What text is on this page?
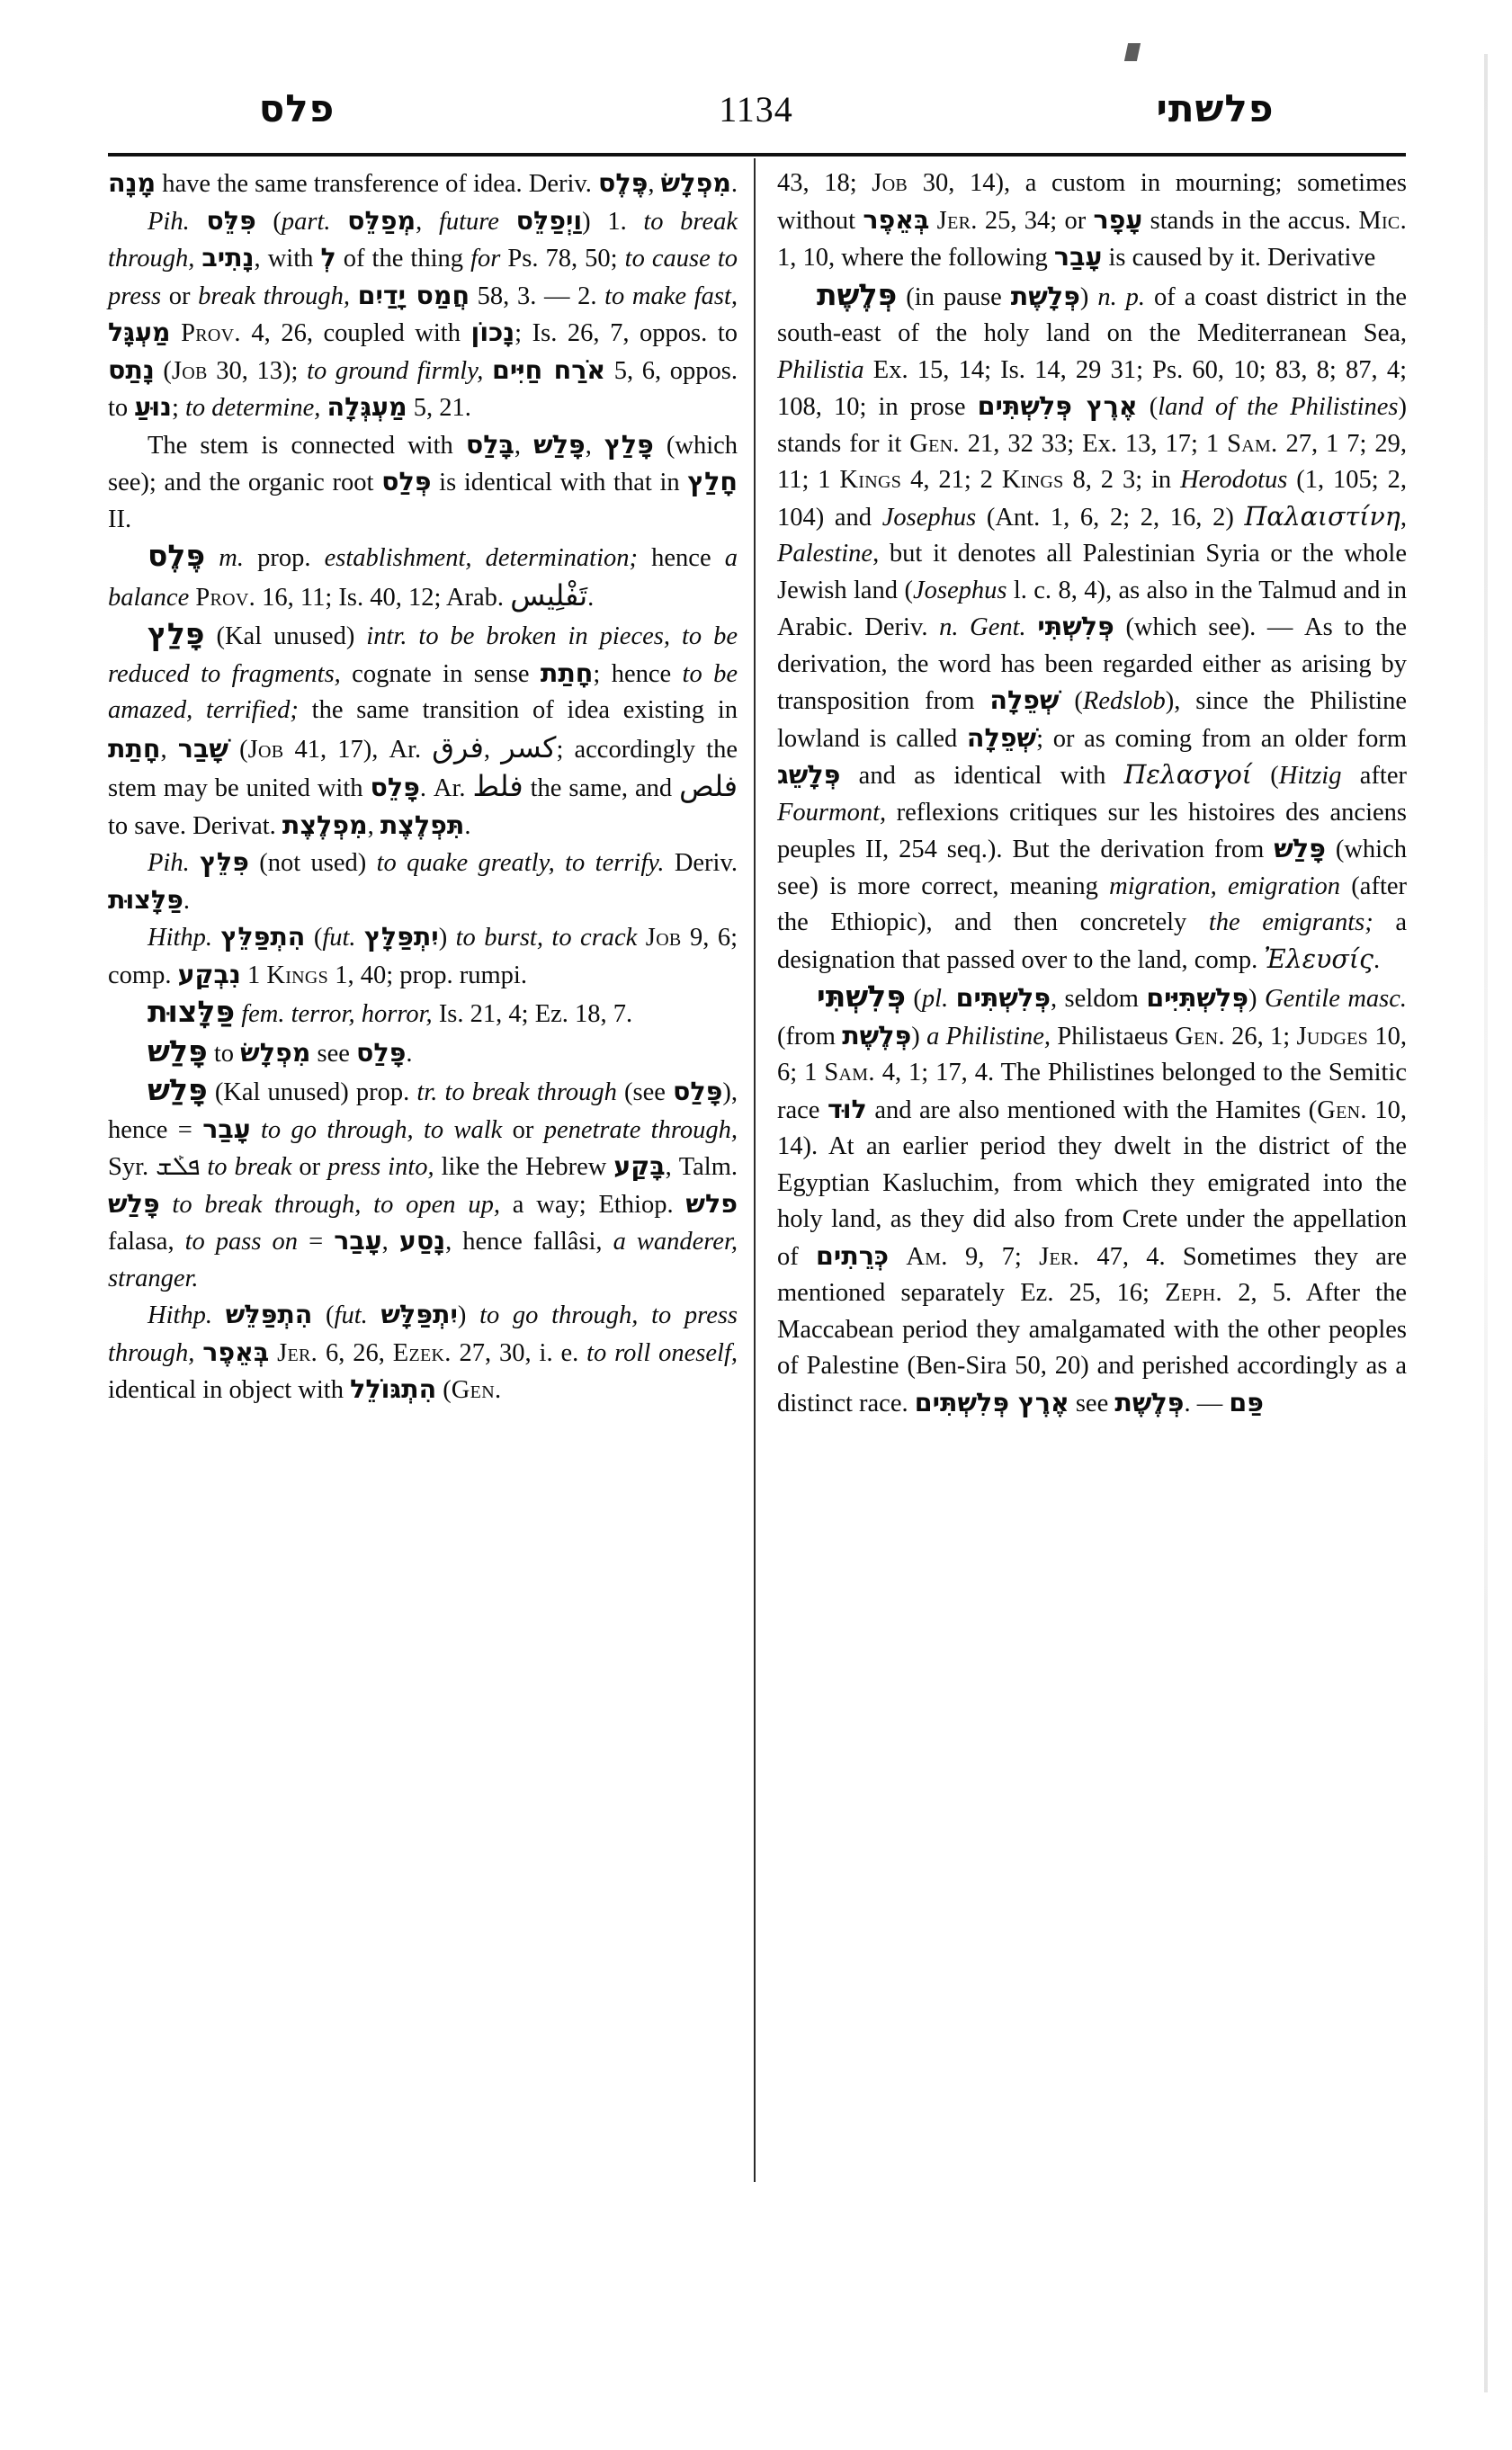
פלס	1134	פלשתי

מָנָה have the same transference of idea. Deriv. פֶּלֶס, מִפְלָשׂ.

Pih. פִּלֵּס (part. מְפַלֵּס, future וַיְפַלֵּס) 1. to break through, נָתִיב, with לְ of the thing for Ps. 78, 50; to cause to press or break through, חֲמַס יָדַיִם 58, 3. — 2. to make fast, מַעְגָּל Prov. 4, 26, coupled with נָכוֹן; Is. 26, 7, oppos. to נָתַס (Job 30, 13); to ground firmly, אֹרַח חַיִּים 5, 6, oppos. to נוּעַ; to determine, מַעְגְּלָה 5, 21.

The stem is connected with בָּלַס, פָּלַשׁ, פָּלַץ (which see); and the organic root פְּלַס is identical with that in חָלַץ II.

פֶּלֶס m. prop. establishment, determination; hence a balance Prov. 16, 11; Is. 40, 12; Arab. تَفْلِيس.

פָּלַץ (Kal unused) intr. to be broken in pieces, to be reduced to fragments, cognate in sense חָתַת; hence to be amazed, terrified; the same transition of idea existing in חָתַת, שָׁבַר (Job 41, 17), Ar. فرق, كسر; accordingly the stem may be united with פָּלֵס. Ar. فلط the same, and فلص to save. Derivat. מִפְלֶצֶת, תִּפְלֶצֶת.

Pih. פִּלֵּץ (not used) to quake greatly, to terrify. Deriv. פַּלָּצוּת.

Hithp. הִתְפַּלֵּץ (fut. יִתְפַּלָּץ) to burst, to crack Job 9, 6; comp. נִבְקַע 1 Kings 1, 40; prop. rumpi.

פַּלָּצוּת fem. terror, horror, Is. 21, 4; Ez. 18, 7.

פָּלַשׁ to מִפְלָשׂ see פָּלַס.

פָּלַשׁ (Kal unused) prop. tr. to break through (see פָּלַס), hence = עָבַר to go through, to walk or penetrate through, Syr. ܦܠܰܫ to break or press into, like the Hebrew בָּקַע, Talm. פָּלַשׁ to break through, to open up, a way; Ethiop. פלש falasa, to pass on = עָבַר, נָסַע, hence fallâsi, a wanderer, stranger.

Hithp. הִתְפַּלֵּשׁ (fut. יִתְפַּלָּשׁ) to go through, to press through, בְּאֵפֶר Jer. 6, 26, Ezek. 27, 30, i. e. to roll oneself, identical in object with הִתְגּוֹלֵל (Gen.

43, 18; Job 30, 14), a custom in mourning; sometimes without בְּאֵפֶר Jer. 25, 34; or עָפָר stands in the accus. Mic. 1, 10, where the following עָבַר is caused by it. Derivative

פְּלֶשֶׁת (in pause פְּלָשֶׁת) n. p. of a coast district in the south-east of the holy land on the Mediterranean Sea, Philistia Ex. 15, 14; Is. 14, 29 31; Ps. 60, 10; 83, 8; 87, 4; 108, 10; in prose אֶרֶץ פְּלִשְׁתִּים (land of the Philistines) stands for it Gen. 21, 32 33; Ex. 13, 17; 1 Sam. 27, 1 7; 29, 11; 1 Kings 4, 21; 2 Kings 8, 2 3; in Herodotus (1, 105; 2, 104) and Josephus (Ant. 1, 6, 2; 2, 16, 2) Παλαιστίνη, Palestine, but it denotes all Palestinian Syria or the whole Jewish land (Josephus l. c. 8, 4), as also in the Talmud and in Arabic. Deriv. n. Gent. פְּלִשְׁתִּי (which see). — As to the derivation, the word has been regarded either as arising by transposition from שְׁפֵלָה (Redslob), since the Philistine lowland is called שְׁפֵלָה; or as coming from an older form פְּלָשֵׁג and as identical with Πελασγοί (Hitzig after Fourmont, reflexions critiques sur les histoires des anciens peuples II, 254 seq.). But the derivation from פָּלַשׁ (which see) is more correct, meaning migration, emigration (after the Ethiopic), and then concretely the emigrants; a designation that passed over to the land, comp. Ἐλευσίς.

פְּלִשְׁתִּי (pl. פְּלִשְׁתִּים, seldom פְּלִשְׁתִּיִּים) Gentile masc. (from פְּלֶשֶׁת) a Philistine, Philistaeus Gen. 26, 1; Judges 10, 6; 1 Sam. 4, 1; 17, 4. The Philistines belonged to the Semitic race לוּד and are also mentioned with the Hamites (Gen. 10, 14). At an earlier period they dwelt in the district of the Egyptian Kasluchim, from which they emigrated into the holy land, as they did also from Crete under the appellation of כְּרֵתִים Am. 9, 7; Jer. 47, 4. Sometimes they are mentioned separately Ez. 25, 16; Zeph. 2, 5. After the Maccabean period they amalgamated with the other peoples of Palestine (Ben-Sira 50, 20) and perished accordingly as a distinct race. אֶרֶץ פְּלִשְׁתִּים see פְּלֶשֶׁת. — פַּם
